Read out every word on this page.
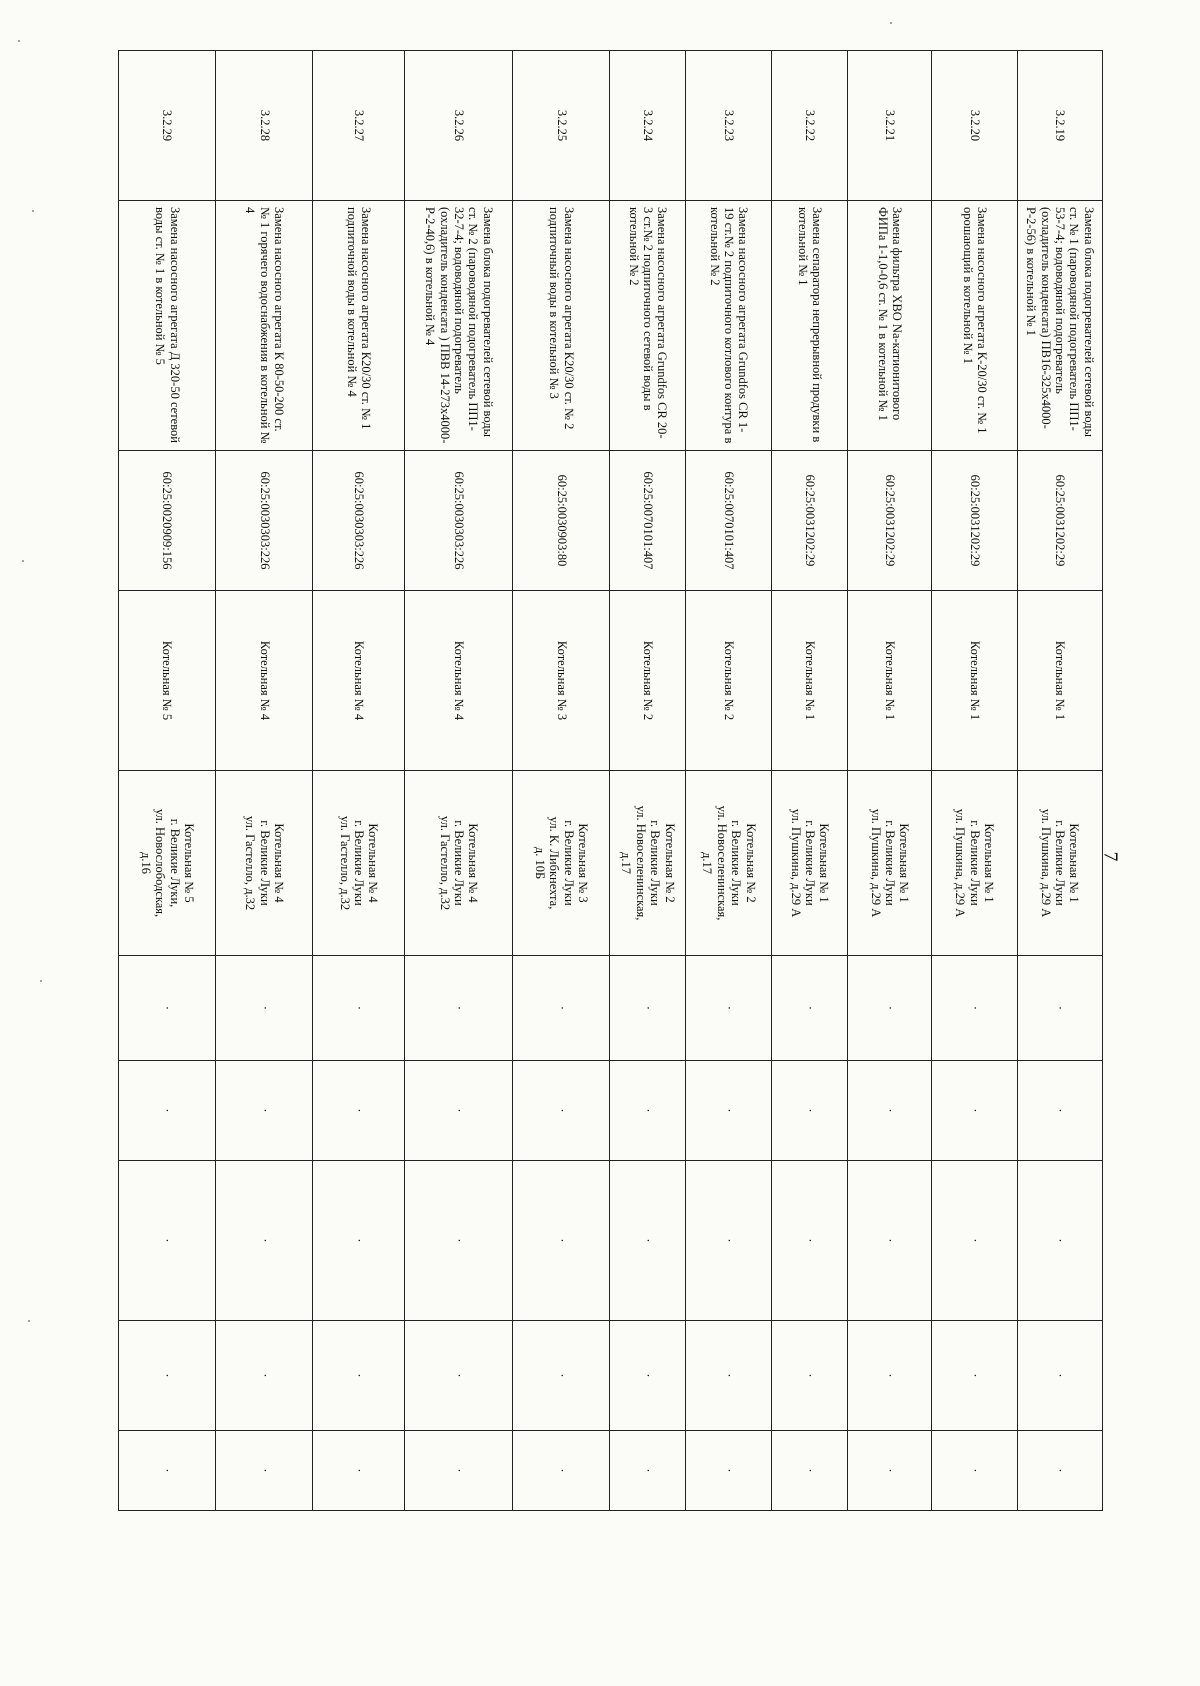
7
3.2.19	Замена блока подогревателей сетевой воды ст. № 1 (пароводяной подогреватель ПП1-53-7-4; водоводяной подогреватель (охладитель конденсата) ПВ16-325х4000-Р-2-56) в котельной № 1	60:25:0031202:29	Котельная № 1	Котельная № 1
г. Великие Луки
ул. Пушкина, д.29 А	·	·	·	·	·
3.2.20	Замена насосного агрегата К-20/30 ст. № 1 орошающий в котельной № 1	60:25:0031202:29	Котельная № 1	Котельная № 1
г. Великие Луки
ул. Пушкина, д.29 А	·	·	·	·	·
3.2.21	Замена фильтра ХВО Na-катионитового ФИПа 1-1,0-0,6 ст. № 1 в котельной № 1	60:25:0031202:29	Котельная № 1	Котельная № 1
г. Великие Луки
ул. Пушкина, д.29 А	·	·	·	·	·
3.2.22	Замена сепаратора непрерывной продувки в котельной № 1	60:25:0031202:29	Котельная № 1	Котельная № 1
г. Великие Луки
ул. Пушкина, д.29 А	·	·	·	·	·
3.2.23	Замена насосного агрегата Grundfos CR 1-19 ст.№ 2 подпиточного котлового контура в котельной № 2	60:25:0070101:407	Котельная № 2	Котельная № 2
г. Великие Луки
ул. Новоселенинская,
д.17	·	·	·	·	·
3.2.24	Замена насосного агрегата Grundfos CR 20-3 ст.№ 2 подпиточного сетевой воды в котельной № 2	60:25:0070101:407	Котельная № 2	Котельная № 2
г. Великие Луки
ул. Новоселенинская,
д.17	·	·	·	·	·
3.2.25	Замена насосного агрегата К20/30 ст. № 2 подпиточный воды в котельной № 3	60:25:0030903:80	Котельная № 3	Котельная № 3
г. Великие Луки
ул. К. Либкнехта,
д. 10Б	·	·	·	·	·
3.2.26	Замена блока подогревателей сетевой воды ст. № 2 (пароводяной подогреватель ПП1-32-7-4; водоводяной подогреватель (охладитель конденсата ) ПВВ 14-273х4000-Р-2-40,6) в котельной № 4	60:25:0030303:226	Котельная № 4	Котельная № 4
г. Великие Луки
ул. Гастелло, д.32	·	·	·	·	·
3.2.27	Замена насосного агрегата К20/30 ст. № 1 подпиточной воды в котельной № 4	60:25:0030303:226	Котельная № 4	Котельная № 4
г. Великие Луки
ул. Гастелло, д.32	·	·	·	·	·
3.2.28	Замена насосного агрегата К 80-50-200 ст. № 1 горячего водоснабжения в котельной № 4	60:25:0030303:226	Котельная № 4	Котельная № 4
г. Великие Луки
ул. Гастелло, д.32	·	·	·	·	·
3.2.29	Замена насосного агрегата Д 320-50 сетевой воды ст. № 1 в котельной № 5	60:25:0020909:156	Котельная № 5	Котельная № 5
г. Великие Луки,
ул. Новослободская,
д.16	·	·	·	·	·
